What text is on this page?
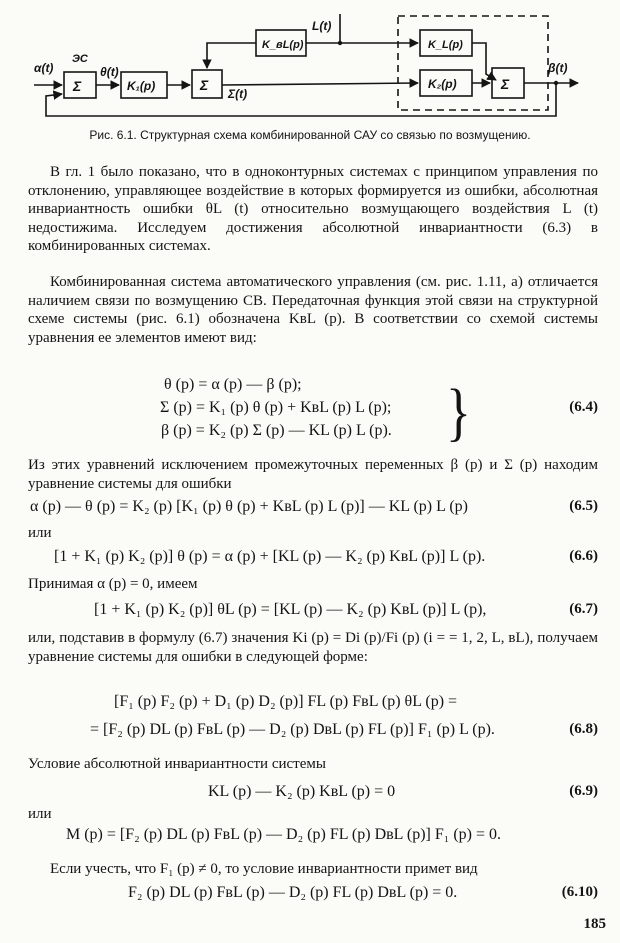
α(t)
ЭС
θ(t)
Σ	K₁(p)	Σ
Σ(t)
K_вL(p)
L(t)
K_L(p)
K₂(p)	Σ
β(t)
Рис. 6.1. Структурная схема комбинированной САУ со связью по возмущению.

В гл. 1 было показано, что в одноконтурных системах с принципом управления по отклонению, управляющее воздействие в которых формируется из ошибки, абсолютная инвариантность ошибки θL (t) относительно возмущающего воздействия L (t) недостижима. Исследуем достижения абсолютной инвариантности (6.3) в комбинированных системах.

Комбинированная система автоматического управления (см. рис. 1.11, а) отличается наличием связи по возмущению СВ. Передаточная функция этой связи на структурной схеме системы (рис. 6.1) обозначена KвL (p). В соответствии со схемой системы уравнения ее элементов имеют вид:

θ (p) = α (p) — β (p);
Σ (p) = K₁ (p) θ (p) + KвL (p) L (p);
β (p) = K₂ (p) Σ (p) — KL (p) L (p). }	(6.4)

Из этих уравнений исключением промежуточных переменных β (p) и Σ (p) находим уравнение системы для ошибки

α (p) — θ (p) = K₂ (p) [K₁ (p) θ (p) + KвL (p) L (p)] — KL (p) L (p)	(6.5)

или

[1 + K₁ (p) K₂ (p)] θ (p) = α (p) + [KL (p) — K₂ (p) KвL (p)] L (p).	(6.6)

Принимая α (p) = 0, имеем

[1 + K₁ (p) K₂ (p)] θL (p) = [KL (p) — K₂ (p) KвL (p)] L (p),	(6.7)

или, подставив в формулу (6.7) значения Ki (p) = Di (p)/Fi (p) (i = = 1, 2, L, вL), получаем уравнение системы для ошибки в следующей форме:

[F₁ (p) F₂ (p) + D₁ (p) D₂ (p)] FL (p) FвL (p) θL (p) =
= [F₂ (p) DL (p) FвL (p) — D₂ (p) DвL (p) FL (p)] F₁ (p) L (p).	(6.8)

Условие абсолютной инвариантности системы

KL (p) — K₂ (p) KвL (p) = 0	(6.9)

или

M (p) = [F₂ (p) DL (p) FвL (p) — D₂ (p) FL (p) DвL (p)] F₁ (p) = 0.

Если учесть, что F₁ (p) ≠ 0, то условие инвариантности примет вид

F₂ (p) DL (p) FвL (p) — D₂ (p) FL (p) DвL (p) = 0.	(6.10)
185
